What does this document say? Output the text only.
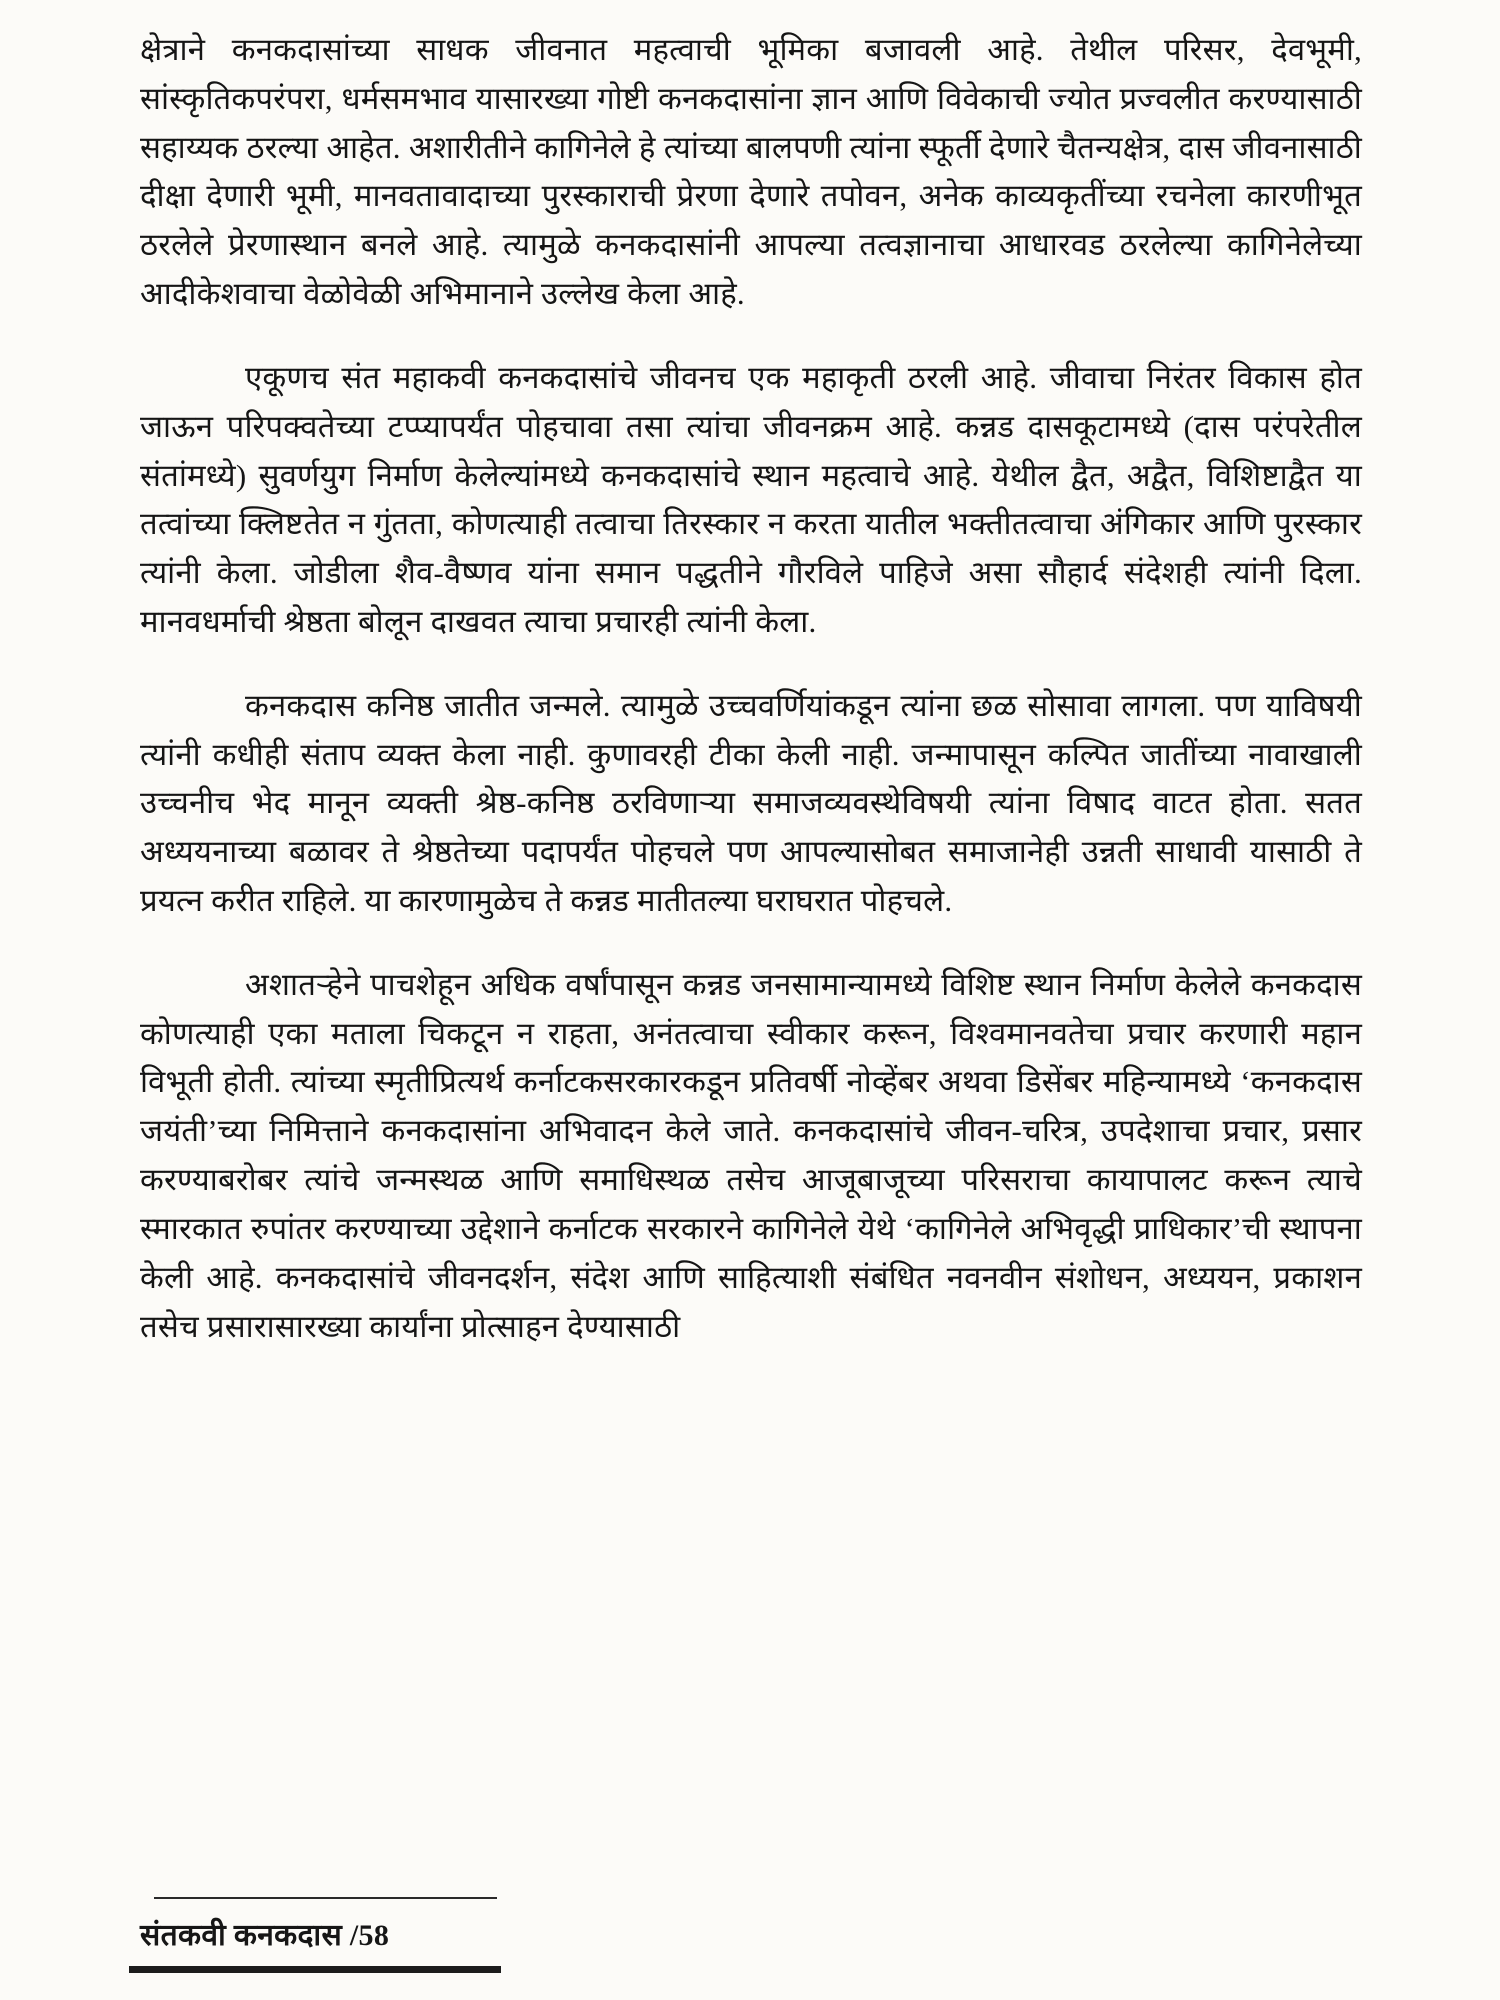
क्षेत्राने कनकदासांच्या साधक जीवनात महत्वाची भूमिका बजावली आहे. तेथील परिसर, देवभूमी, सांस्कृतिकपरंपरा, धर्मसमभाव यासारख्या गोष्टी कनकदासांना ज्ञान आणि विवेकाची ज्योत प्रज्वलीत करण्यासाठी सहाय्यक ठरल्या आहेत. अशारीतीने कागिनेले हे त्यांच्या बालपणी त्यांना स्फूर्ती देणारे चैतन्यक्षेत्र, दास जीवनासाठी दीक्षा देणारी भूमी, मानवतावादाच्या पुरस्काराची प्रेरणा देणारे तपोवन, अनेक काव्यकृतींच्या रचनेला कारणीभूत ठरलेले प्रेरणास्थान बनले आहे. त्यामुळे कनकदासांनी आपल्या तत्वज्ञानाचा आधारवड ठरलेल्या कागिनेलेच्या आदीकेशवाचा वेळोवेळी अभिमानाने उल्लेख केला आहे.

एकूणच संत महाकवी कनकदासांचे जीवनच एक महाकृती ठरली आहे. जीवाचा निरंतर विकास होत जाऊन परिपक्वतेच्या टप्प्यापर्यंत पोहचावा तसा त्यांचा जीवनक्रम आहे. कन्नड दासकूटामध्ये (दास परंपरेतील संतांमध्ये) सुवर्णयुग निर्माण केलेल्यांमध्ये कनकदासांचे स्थान महत्वाचे आहे. येथील द्वैत, अद्वैत, विशिष्टाद्वैत या तत्वांच्या क्लिष्टतेत न गुंतता, कोणत्याही तत्वाचा तिरस्कार न करता यातील भक्तीतत्वाचा अंगिकार आणि पुरस्कार त्यांनी केला. जोडीला शैव-वैष्णव यांना समान पद्धतीने गौरविले पाहिजे असा सौहार्द संदेशही त्यांनी दिला. मानवधर्माची श्रेष्ठता बोलून दाखवत त्याचा प्रचारही त्यांनी केला.

कनकदास कनिष्ठ जातीत जन्मले. त्यामुळे उच्चवर्णियांकडून त्यांना छळ सोसावा लागला. पण याविषयी त्यांनी कधीही संताप व्यक्त केला नाही. कुणावरही टीका केली नाही. जन्मापासून कल्पित जातींच्या नावाखाली उच्चनीच भेद मानून व्यक्ती श्रेष्ठ-कनिष्ठ ठरविणाऱ्या समाजव्यवस्थेविषयी त्यांना विषाद वाटत होता. सतत अध्ययनाच्या बळावर ते श्रेष्ठतेच्या पदापर्यंत पोहचले पण आपल्यासोबत समाजानेही उन्नती साधावी यासाठी ते प्रयत्न करीत राहिले. या कारणामुळेच ते कन्नड मातीतल्या घराघरात पोहचले.

अशातऱ्हेने पाचशेहून अधिक वर्षांपासून कन्नड जनसामान्यामध्ये विशिष्ट स्थान निर्माण केलेले कनकदास कोणत्याही एका मताला चिकटून न राहता, अनंतत्वाचा स्वीकार करून, विश्वमानवतेचा प्रचार करणारी महान विभूती होती. त्यांच्या स्मृतीप्रित्यर्थ कर्नाटकसरकारकडून प्रतिवर्षी नोव्हेंबर अथवा डिसेंबर महिन्यामध्ये ‘कनकदास जयंती’च्या निमित्ताने कनकदासांना अभिवादन केले जाते. कनकदासांचे जीवन-चरित्र, उपदेशाचा प्रचार, प्रसार करण्याबरोबर त्यांचे जन्मस्थळ आणि समाधिस्थळ तसेच आजूबाजूच्या परिसराचा कायापालट करून त्याचे स्मारकात रुपांतर करण्याच्या उद्देशाने कर्नाटक सरकारने कागिनेले येथे ‘कागिनेले अभिवृद्धी प्राधिकार’ची स्थापना केली आहे. कनकदासांचे जीवनदर्शन, संदेश आणि साहित्याशी संबंधित नवनवीन संशोधन, अध्ययन, प्रकाशन तसेच प्रसारासारख्या कार्यांना प्रोत्साहन देण्यासाठी

संतकवी कनकदास /58
